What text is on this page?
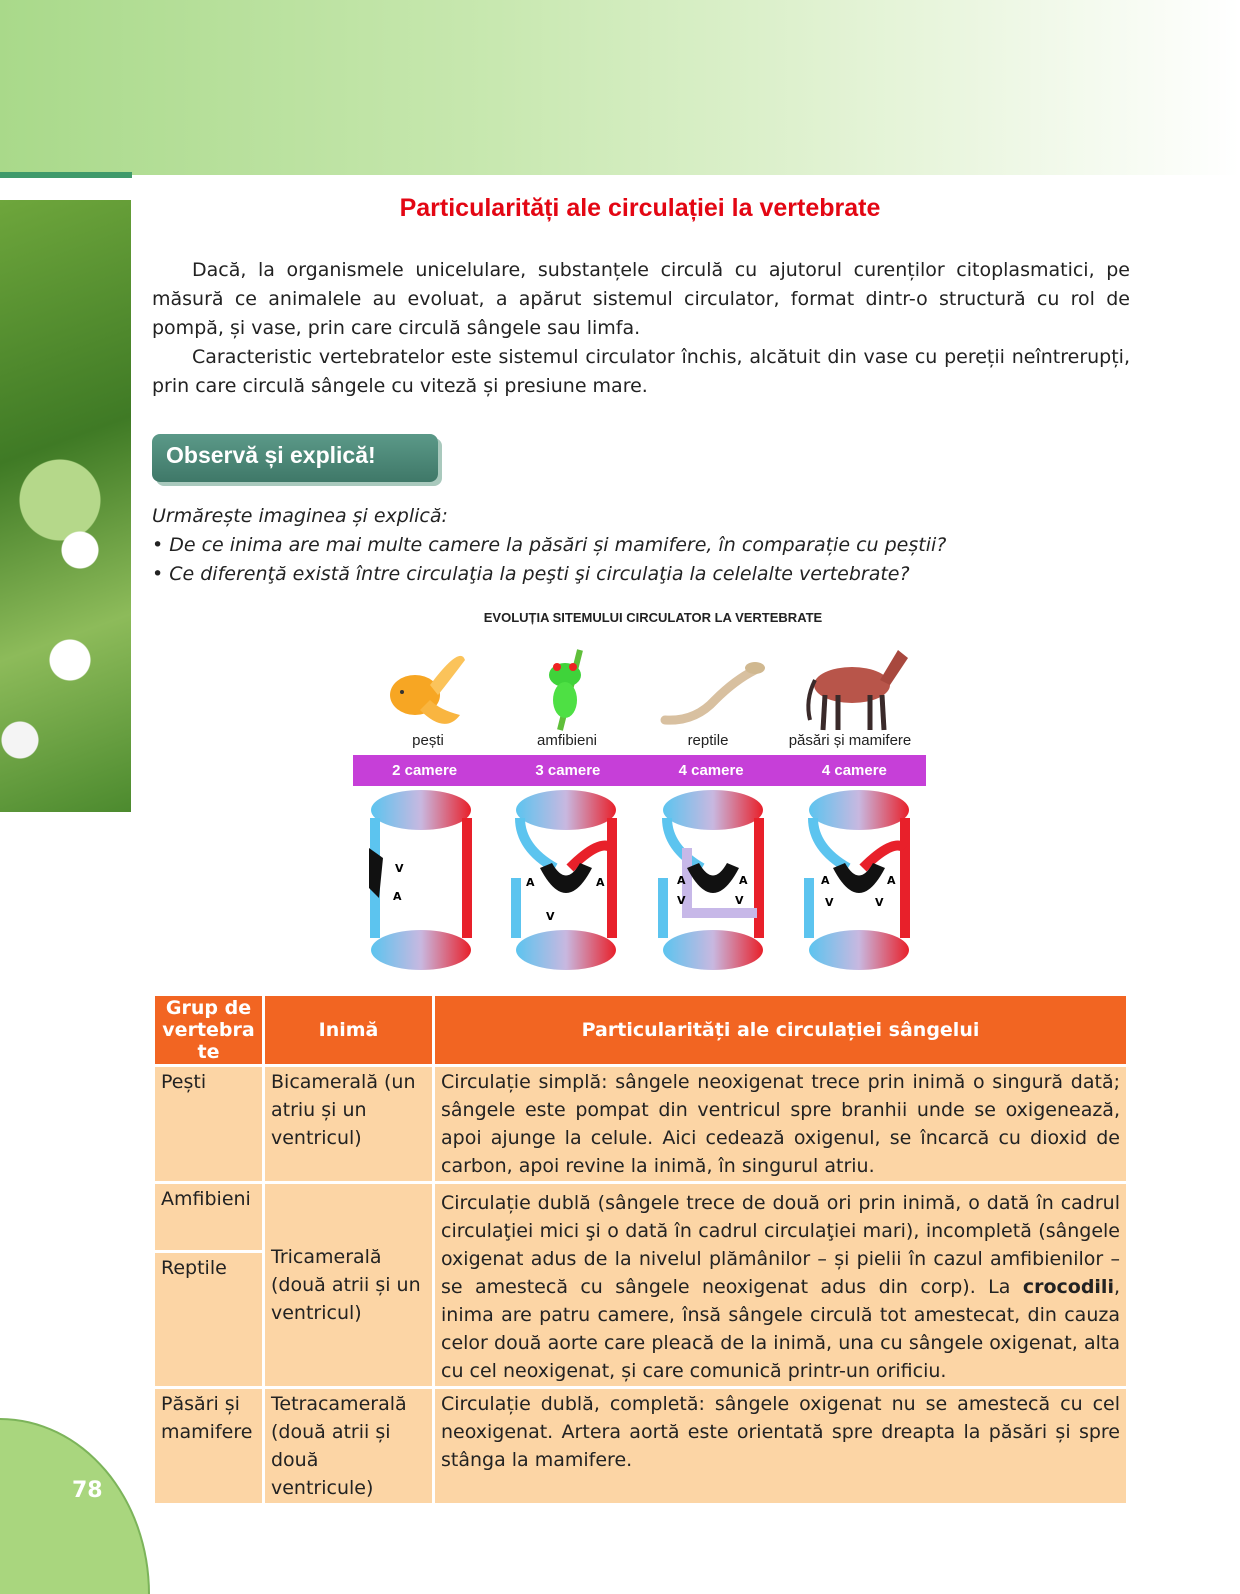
78
Particularități ale circulației la vertebrate

Dacă, la organismele unicelulare, substanțele circulă cu ajutorul curenților citoplasmatici, pe măsură ce animalele au evoluat, a apărut sistemul circulator, format dintr-o structură cu rol de pompă, și vase, prin care circulă sângele sau limfa.

Caracteristic vertebratelor este sistemul circulator închis, alcătuit din vase cu pereții neîntrerupți, prin care circulă sângele cu viteză și presiune mare.

Observă și explică!
Urmărește imaginea și explică:
• De ce inima are mai multe camere la păsări și mamifere, în comparație cu peștii?
• Ce diferenţă există între circulaţia la peşti şi circulaţia la celelalte vertebrate?
EVOLUȚIA SITEMULUI CIRCULATOR LA VERTEBRATE
pești	amfibieni	reptile	păsări și mamifere
2 camere	3 camere	4 camere	4 camere
V
A
A	A
V
A	A
V	V
A	A
V	V
Grup de vertebrate	Inimă	Particularități ale circulației sângelui
Pești	Bicamerală (un atriu și un ventricul)	Circulație simplă: sângele neoxigenat trece prin inimă o singură dată; sângele este pompat din ventricul spre branhii unde se oxigenează, apoi ajunge la celule. Aici cedează oxigenul, se încarcă cu dioxid de carbon, apoi revine la inimă, în singurul atriu.
Amfibieni	Tricamerală (două atrii și un ventricul)	Circulație dublă (sângele trece de două ori prin inimă, o dată în cadrul circulaţiei mici şi o dată în cadrul circulaţiei mari), incompletă (sângele oxigenat adus de la nivelul plămânilor – și pielii în cazul amfibienilor – se amestecă cu sângele neoxigenat adus din corp). La crocodili, inima are patru camere, însă sângele circulă tot amestecat, din cauza celor două aorte care pleacă de la inimă, una cu sângele oxigenat, alta cu cel neoxigenat, și care comunică printr-un orificiu.
Reptile		
Păsări și mamifere	Tetracamerală (două atrii și două ventricule)	Circulație dublă, completă: sângele oxigenat nu se amestecă cu cel neoxigenat. Artera aortă este orientată spre dreapta la păsări și spre stânga la mamifere.
